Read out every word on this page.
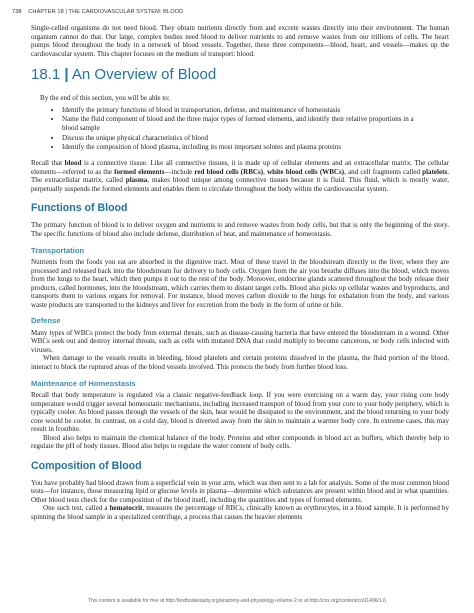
738 CHAPTER 18 | THE CARDIOVASCULAR SYSTEM: BLOOD

Single-celled organisms do not need blood. They obtain nutrients directly from and excrete wastes directly into their environment. The human organism cannot do that. Our large, complex bodies need blood to deliver nutrients to and remove wastes from our trillions of cells. The heart pumps blood throughout the body in a network of blood vessels. Together, these three components—blood, heart, and vessels—makes up the cardiovascular system. This chapter focuses on the medium of transport: blood.

18.1 | An Overview of Blood

By the end of this section, you will be able to:

• Identify the primary functions of blood in transportation, defense, and maintenance of homeostasis
• Name the fluid component of blood and the three major types of formed elements, and identify their relative proportions in a blood sample
• Discuss the unique physical characteristics of blood
• Identify the composition of blood plasma, including its most important solutes and plasma proteins

Recall that blood is a connective tissue. Like all connective tissues, it is made up of cellular elements and an extracellular matrix. The cellular elements—referred to as the formed elements—include red blood cells (RBCs), white blood cells (WBCs), and cell fragments called platelets. The extracellular matrix, called plasma, makes blood unique among connective tissues because it is fluid. This fluid, which is mostly water, perpetually suspends the formed elements and enables them to circulate throughout the body within the cardiovascular system.

Functions of Blood

The primary function of blood is to deliver oxygen and nutrients to and remove wastes from body cells, but that is only the beginning of the story. The specific functions of blood also include defense, distribution of heat, and maintenance of homeostasis.

Transportation

Nutrients from the foods you eat are absorbed in the digestive tract. Most of these travel in the bloodstream directly to the liver, where they are processed and released back into the bloodstream for delivery to body cells. Oxygen from the air you breathe diffuses into the blood, which moves from the lungs to the heart, which then pumps it out to the rest of the body. Moreover, endocrine glands scattered throughout the body release their products, called hormones, into the bloodstream, which carries them to distant target cells. Blood also picks up cellular wastes and byproducts, and transports them to various organs for removal. For instance, blood moves carbon dioxide to the lungs for exhalation from the body, and various waste products are transported to the kidneys and liver for excretion from the body in the form of urine or bile.

Defense

Many types of WBCs protect the body from external threats, such as disease-causing bacteria that have entered the bloodstream in a wound. Other WBCs seek out and destroy internal threats, such as cells with mutated DNA that could multiply to become cancerous, or body cells infected with viruses.

When damage to the vessels results in bleeding, blood platelets and certain proteins dissolved in the plasma, the fluid portion of the blood, interact to block the ruptured areas of the blood vessels involved. This protects the body from further blood loss.

Maintenance of Homeostasis

Recall that body temperature is regulated via a classic negative-feedback loop. If you were exercising on a warm day, your rising core body temperature would trigger several homeostatic mechanisms, including increased transport of blood from your core to your body periphery, which is typically cooler. As blood passes through the vessels of the skin, heat would be dissipated to the environment, and the blood returning to your body core would be cooler. In contrast, on a cold day, blood is diverted away from the skin to maintain a warmer body core. In extreme cases, this may result in frostbite.

Blood also helps to maintain the chemical balance of the body. Proteins and other compounds in blood act as buffers, which thereby help to regulate the pH of body tissues. Blood also helps to regulate the water content of body cells.

Composition of Blood

You have probably had blood drawn from a superficial vein in your arm, which was then sent to a lab for analysis. Some of the most common blood tests—for instance, those measuring lipid or glucose levels in plasma—determine which substances are present within blood and in what quantities. Other blood tests check for the composition of the blood itself, including the quantities and types of formed elements.

One such test, called a hematocrit, measures the percentage of RBCs, clinically known as erythrocytes, in a blood sample. It is performed by spinning the blood sample in a specialized centrifuge, a process that causes the heavier elements

This content is available for free at http://textbookequity.org/anatomy-and-physiology-volume-2 or at http://cnx.org/content/col11496/1.6
